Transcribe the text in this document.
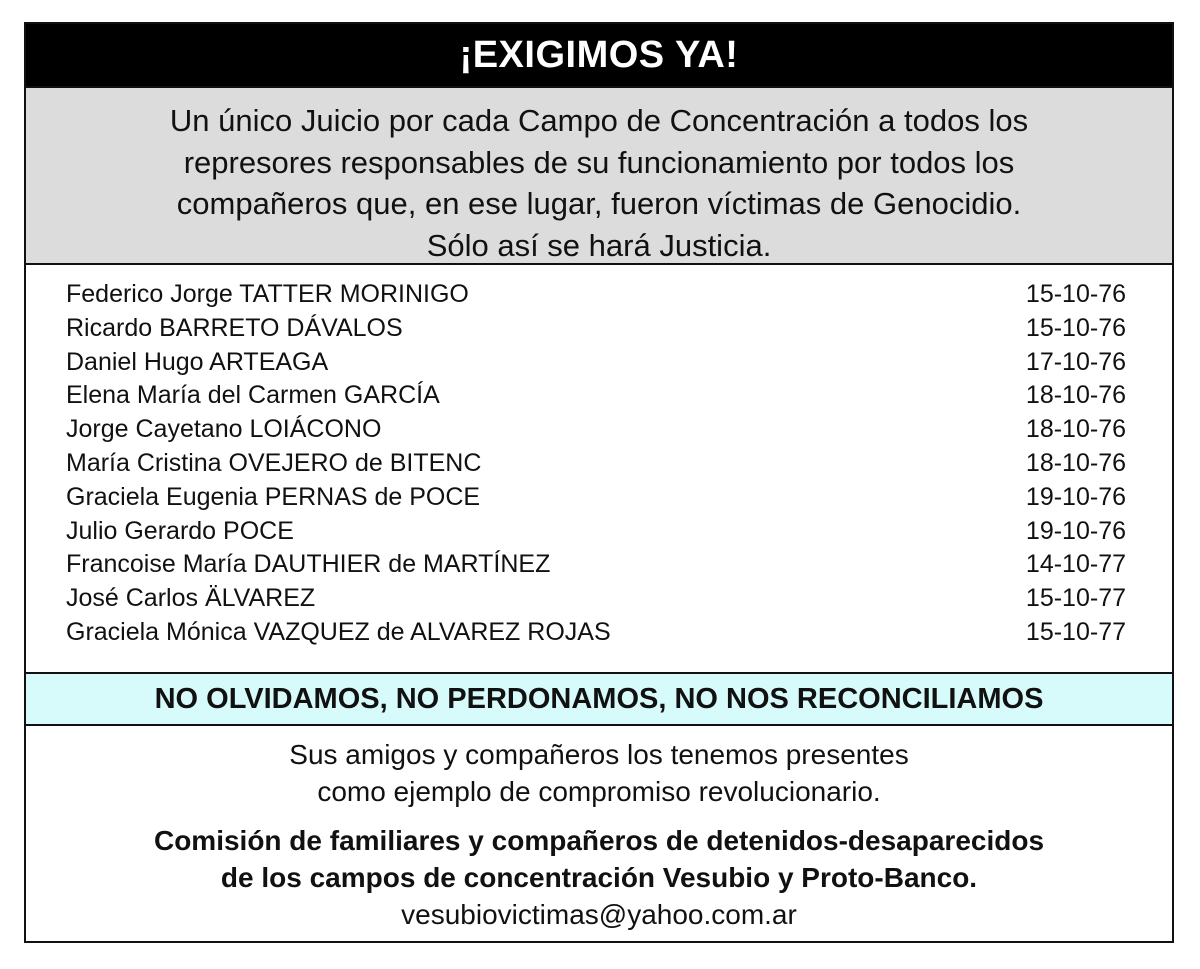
¡EXIGIMOS YA!
Un único Juicio por cada Campo de Concentración a todos los
represores responsables de su funcionamiento por todos los
compañeros que, en ese lugar, fueron víctimas de Genocidio.
Sólo así se hará Justicia.
Federico Jorge TATTER MORINIGO	15-10-76
Ricardo BARRETO DÁVALOS	15-10-76
Daniel Hugo ARTEAGA	17-10-76
Elena María del Carmen GARCÍA	18-10-76
Jorge Cayetano LOIÁCONO	18-10-76
María Cristina OVEJERO de BITENC	18-10-76
Graciela Eugenia PERNAS de POCE	19-10-76
Julio Gerardo POCE	19-10-76
Francoise María DAUTHIER de MARTÍNEZ	14-10-77
José Carlos ÄLVAREZ	15-10-77
Graciela Mónica VAZQUEZ de ALVAREZ ROJAS	15-10-77
NO OLVIDAMOS, NO PERDONAMOS, NO NOS RECONCILIAMOS
Sus amigos y compañeros los tenemos presentes
como ejemplo de compromiso revolucionario.
Comisión de familiares y compañeros de detenidos-desaparecidos
de los campos de concentración Vesubio y Proto-Banco.
vesubiovictimas@yahoo.com.ar
